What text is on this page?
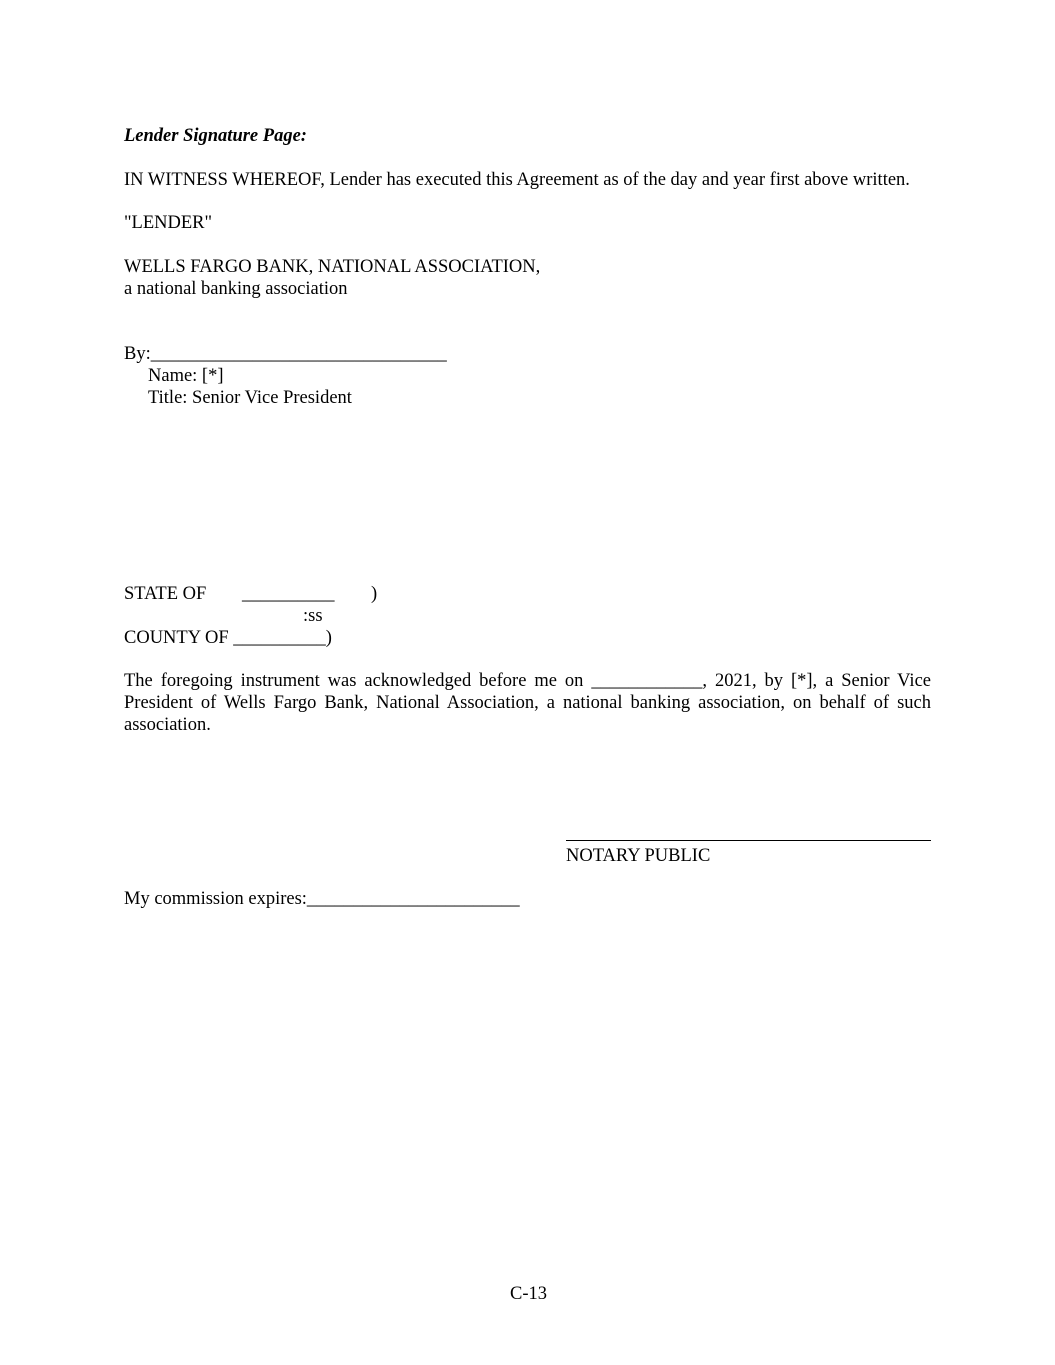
Lender Signature Page:
IN WITNESS WHEREOF, Lender has executed this Agreement as of the day and year first above written.
"LENDER"
WELLS FARGO BANK, NATIONAL ASSOCIATION,
a national banking association
By:________________________________
Name: [*]
Title: Senior Vice President
STATE OF __________ )
:ss
COUNTY OF __________)
The foregoing instrument was acknowledged before me on ____________, 2021, by [*], a Senior Vice President of Wells Fargo Bank, National Association, a national banking association, on behalf of such association.
NOTARY PUBLIC
My commission expires:_______________________
C-13
